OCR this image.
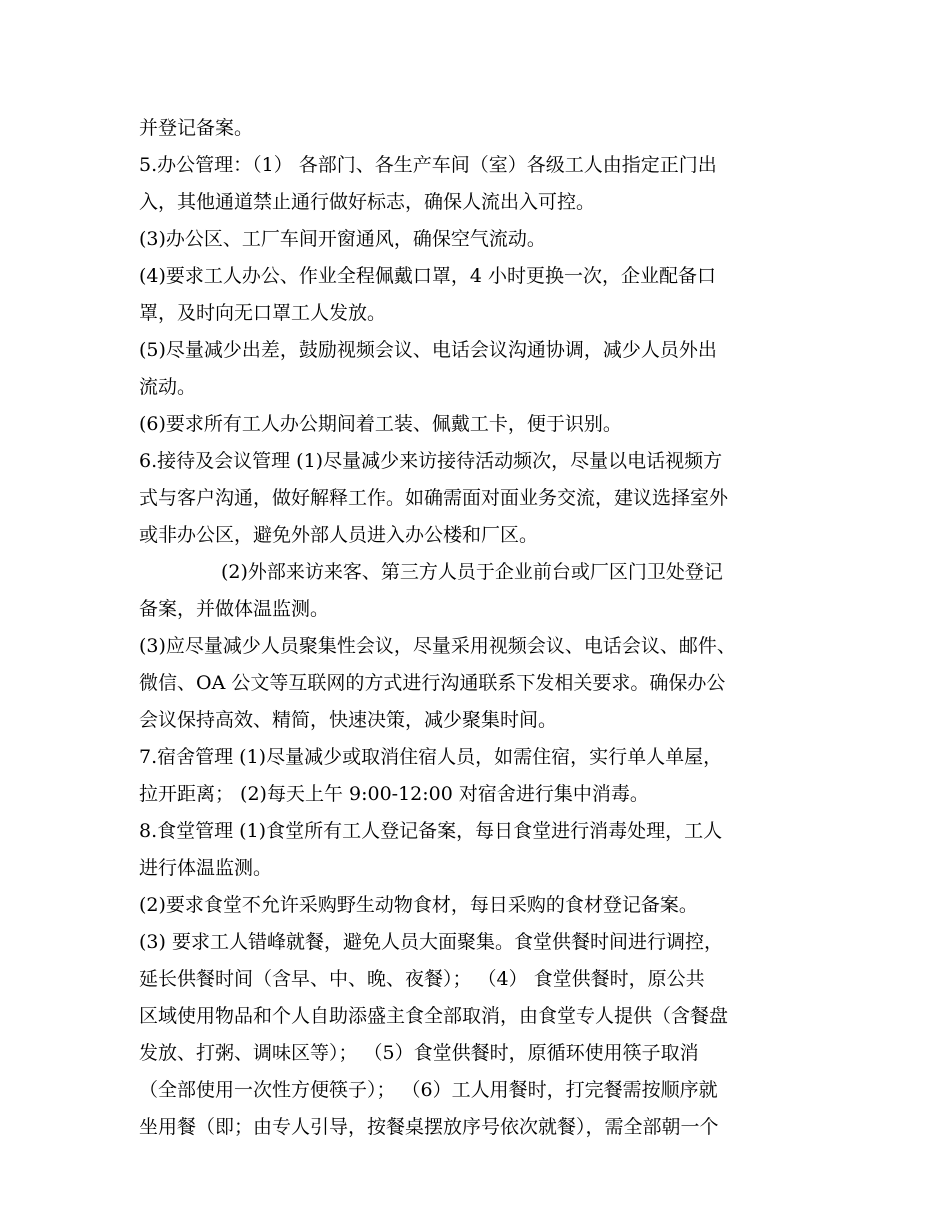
并登记备案。
5.办公管理：（1） 各部门、各生产车间（室）各级工人由指定正门出
入，其他通道禁止通行做好标志，确保人流出入可控。
(3)办公区、工厂车间开窗通风，确保空气流动。
(4)要求工人办公、作业全程佩戴口罩，4 小时更换一次，企业配备口
罩，及时向无口罩工人发放。
(5)尽量减少出差，鼓励视频会议、电话会议沟通协调，减少人员外出
流动。
(6)要求所有工人办公期间着工装、佩戴工卡，便于识别。
6.接待及会议管理 (1)尽量减少来访接待活动频次，尽量以电话视频方
式与客户沟通，做好解释工作。如确需面对面业务交流，建议选择室外
或非办公区，避免外部人员进入办公楼和厂区。
(2)外部来访来客、第三方人员于企业前台或厂区门卫处登记
备案，并做体温监测。
(3)应尽量减少人员聚集性会议，尽量采用视频会议、电话会议、邮件、
微信、OA 公文等互联网的方式进行沟通联系下发相关要求。确保办公
会议保持高效、精简，快速决策，减少聚集时间。
7.宿舍管理 (1)尽量减少或取消住宿人员，如需住宿，实行单人单屋，
拉开距离； (2)每天上午 9:00-12:00 对宿舍进行集中消毒。
8.食堂管理 (1)食堂所有工人登记备案，每日食堂进行消毒处理，工人
进行体温监测。
(2)要求食堂不允许采购野生动物食材，每日采购的食材登记备案。
(3) 要求工人错峰就餐，避免人员大面聚集。食堂供餐时间进行调控，
延长供餐时间（含早、中、晚、夜餐）； （4） 食堂供餐时，原公共
区域使用物品和个人自助添盛主食全部取消，由食堂专人提供（含餐盘
发放、打粥、调味区等）； （5）食堂供餐时，原循环使用筷子取消
（全部使用一次性方便筷子）； （6）工人用餐时，打完餐需按顺序就
坐用餐（即；由专人引导，按餐桌摆放序号依次就餐），需全部朝一个
